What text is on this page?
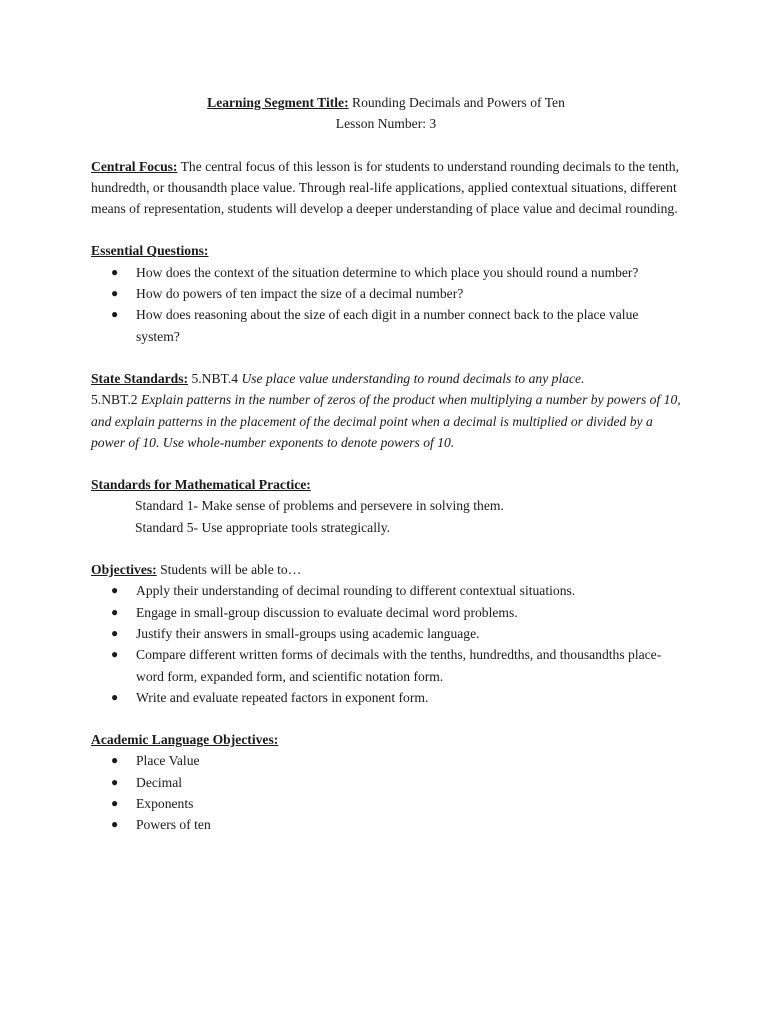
Learning Segment Title: Rounding Decimals and Powers of Ten
Lesson Number: 3

Central Focus: The central focus of this lesson is for students to understand rounding decimals to the tenth, hundredth, or thousandth place value. Through real-life applications, applied contextual situations, different means of representation, students will develop a deeper understanding of place value and decimal rounding.

Essential Questions:
● How does the context of the situation determine to which place you should round a number?
● How do powers of ten impact the size of a decimal number?
● How does reasoning about the size of each digit in a number connect back to the place value system?

State Standards: 5.NBT.4 Use place value understanding to round decimals to any place.
5.NBT.2 Explain patterns in the number of zeros of the product when multiplying a number by powers of 10, and explain patterns in the placement of the decimal point when a decimal is multiplied or divided by a power of 10. Use whole-number exponents to denote powers of 10.

Standards for Mathematical Practice:
Standard 1- Make sense of problems and persevere in solving them.
Standard 5- Use appropriate tools strategically.
Objectives: Students will be able to…
● Apply their understanding of decimal rounding to different contextual situations.
● Engage in small-group discussion to evaluate decimal word problems.
● Justify their answers in small-groups using academic language.
● Compare different written forms of decimals with the tenths, hundredths, and thousandths place- word form, expanded form, and scientific notation form.
● Write and evaluate repeated factors in exponent form.
Academic Language Objectives:
● Place Value
● Decimal
● Exponents
● Powers of ten
